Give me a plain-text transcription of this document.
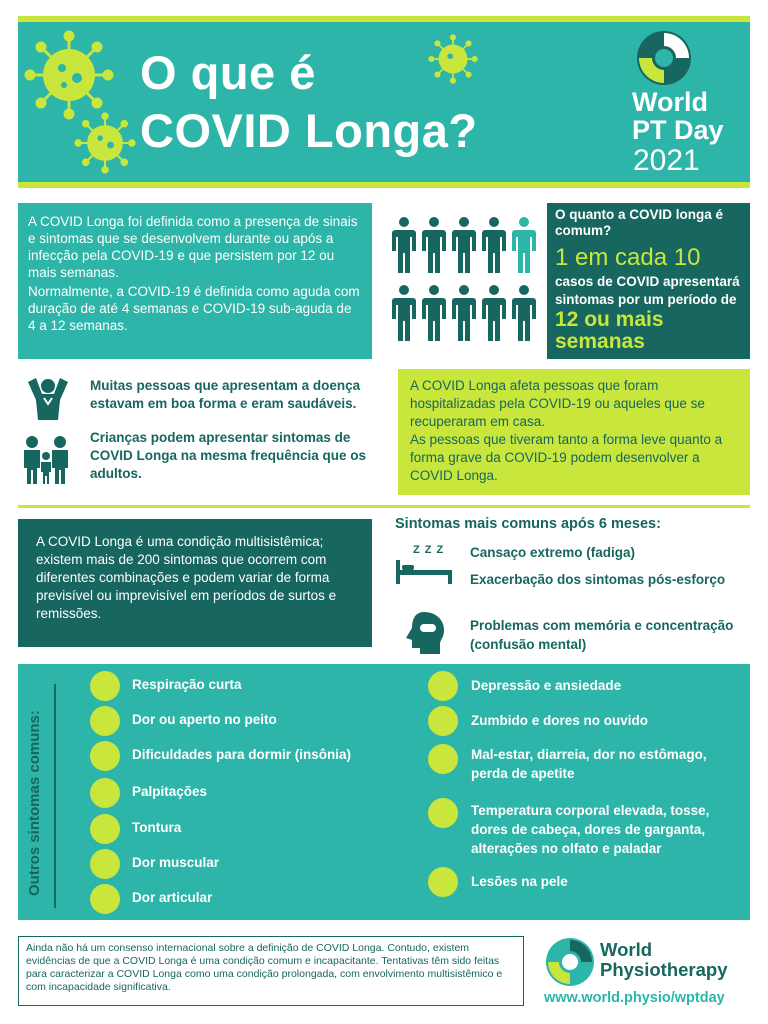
O que é
COVID Longa?
World
PT Day
2021

A COVID Longa foi definida como a presença de sinais e sintomas que se desenvolvem durante ou após a infecção pela COVID-19 e que persistem por 12 ou mais semanas.

Normalmente, a COVID-19 é definida como aguda com duração de até 4 semanas e COVID-19 sub-aguda de 4 a 12 semanas.

O quanto a COVID longa é comum?
1 em cada 10
casos de COVID apresentará sintomas por um período de 12 ou mais semanas
Muitas pessoas que apresentam a doença estavam em boa forma e eram saudáveis.
Crianças podem apresentar sintomas de COVID Longa na mesma frequência que os adultos.

A COVID Longa afeta pessoas que foram hospitalizadas pela COVID-19 ou aqueles que se recuperaram em casa.

As pessoas que tiveram tanto a forma leve quanto a forma grave da COVID-19 podem desenvolver a COVID Longa.

A COVID Longa é uma condição multisistêmica; existem mais de 200 sintomas que ocorrem com diferentes combinações e podem variar de forma previsível ou imprevisível em períodos de surtos e remissões.
Sintomas mais comuns após 6 meses:
Z Z Z Cansaço extremo (fadiga)
Exacerbação dos sintomas pós-esforço
Problemas com memória e concentração (confusão mental)
Outros sintomas comuns:
Respiração curta
Dor ou aperto no peito
Dificuldades para dormir (insônia)
Palpitações
Tontura
Dor muscular
Dor articular
Depressão e ansiedade
Zumbido e dores no ouvido
Mal-estar, diarreia, dor no estômago, perda de apetite
Temperatura corporal elevada, tosse, dores de cabeça, dores de garganta, alterações no olfato e paladar
Lesões na pele
Ainda não há um consenso internacional sobre a definição de COVID Longa. Contudo, existem evidências de que a COVID Longa é uma condição comum e incapacitante. Tentativas têm sido feitas para caracterizar a COVID Longa como uma condição prolongada, com envolvimento multisistêmico e com incapacidade significativa.
World
Physiotherapy
www.world.physio/wptday
